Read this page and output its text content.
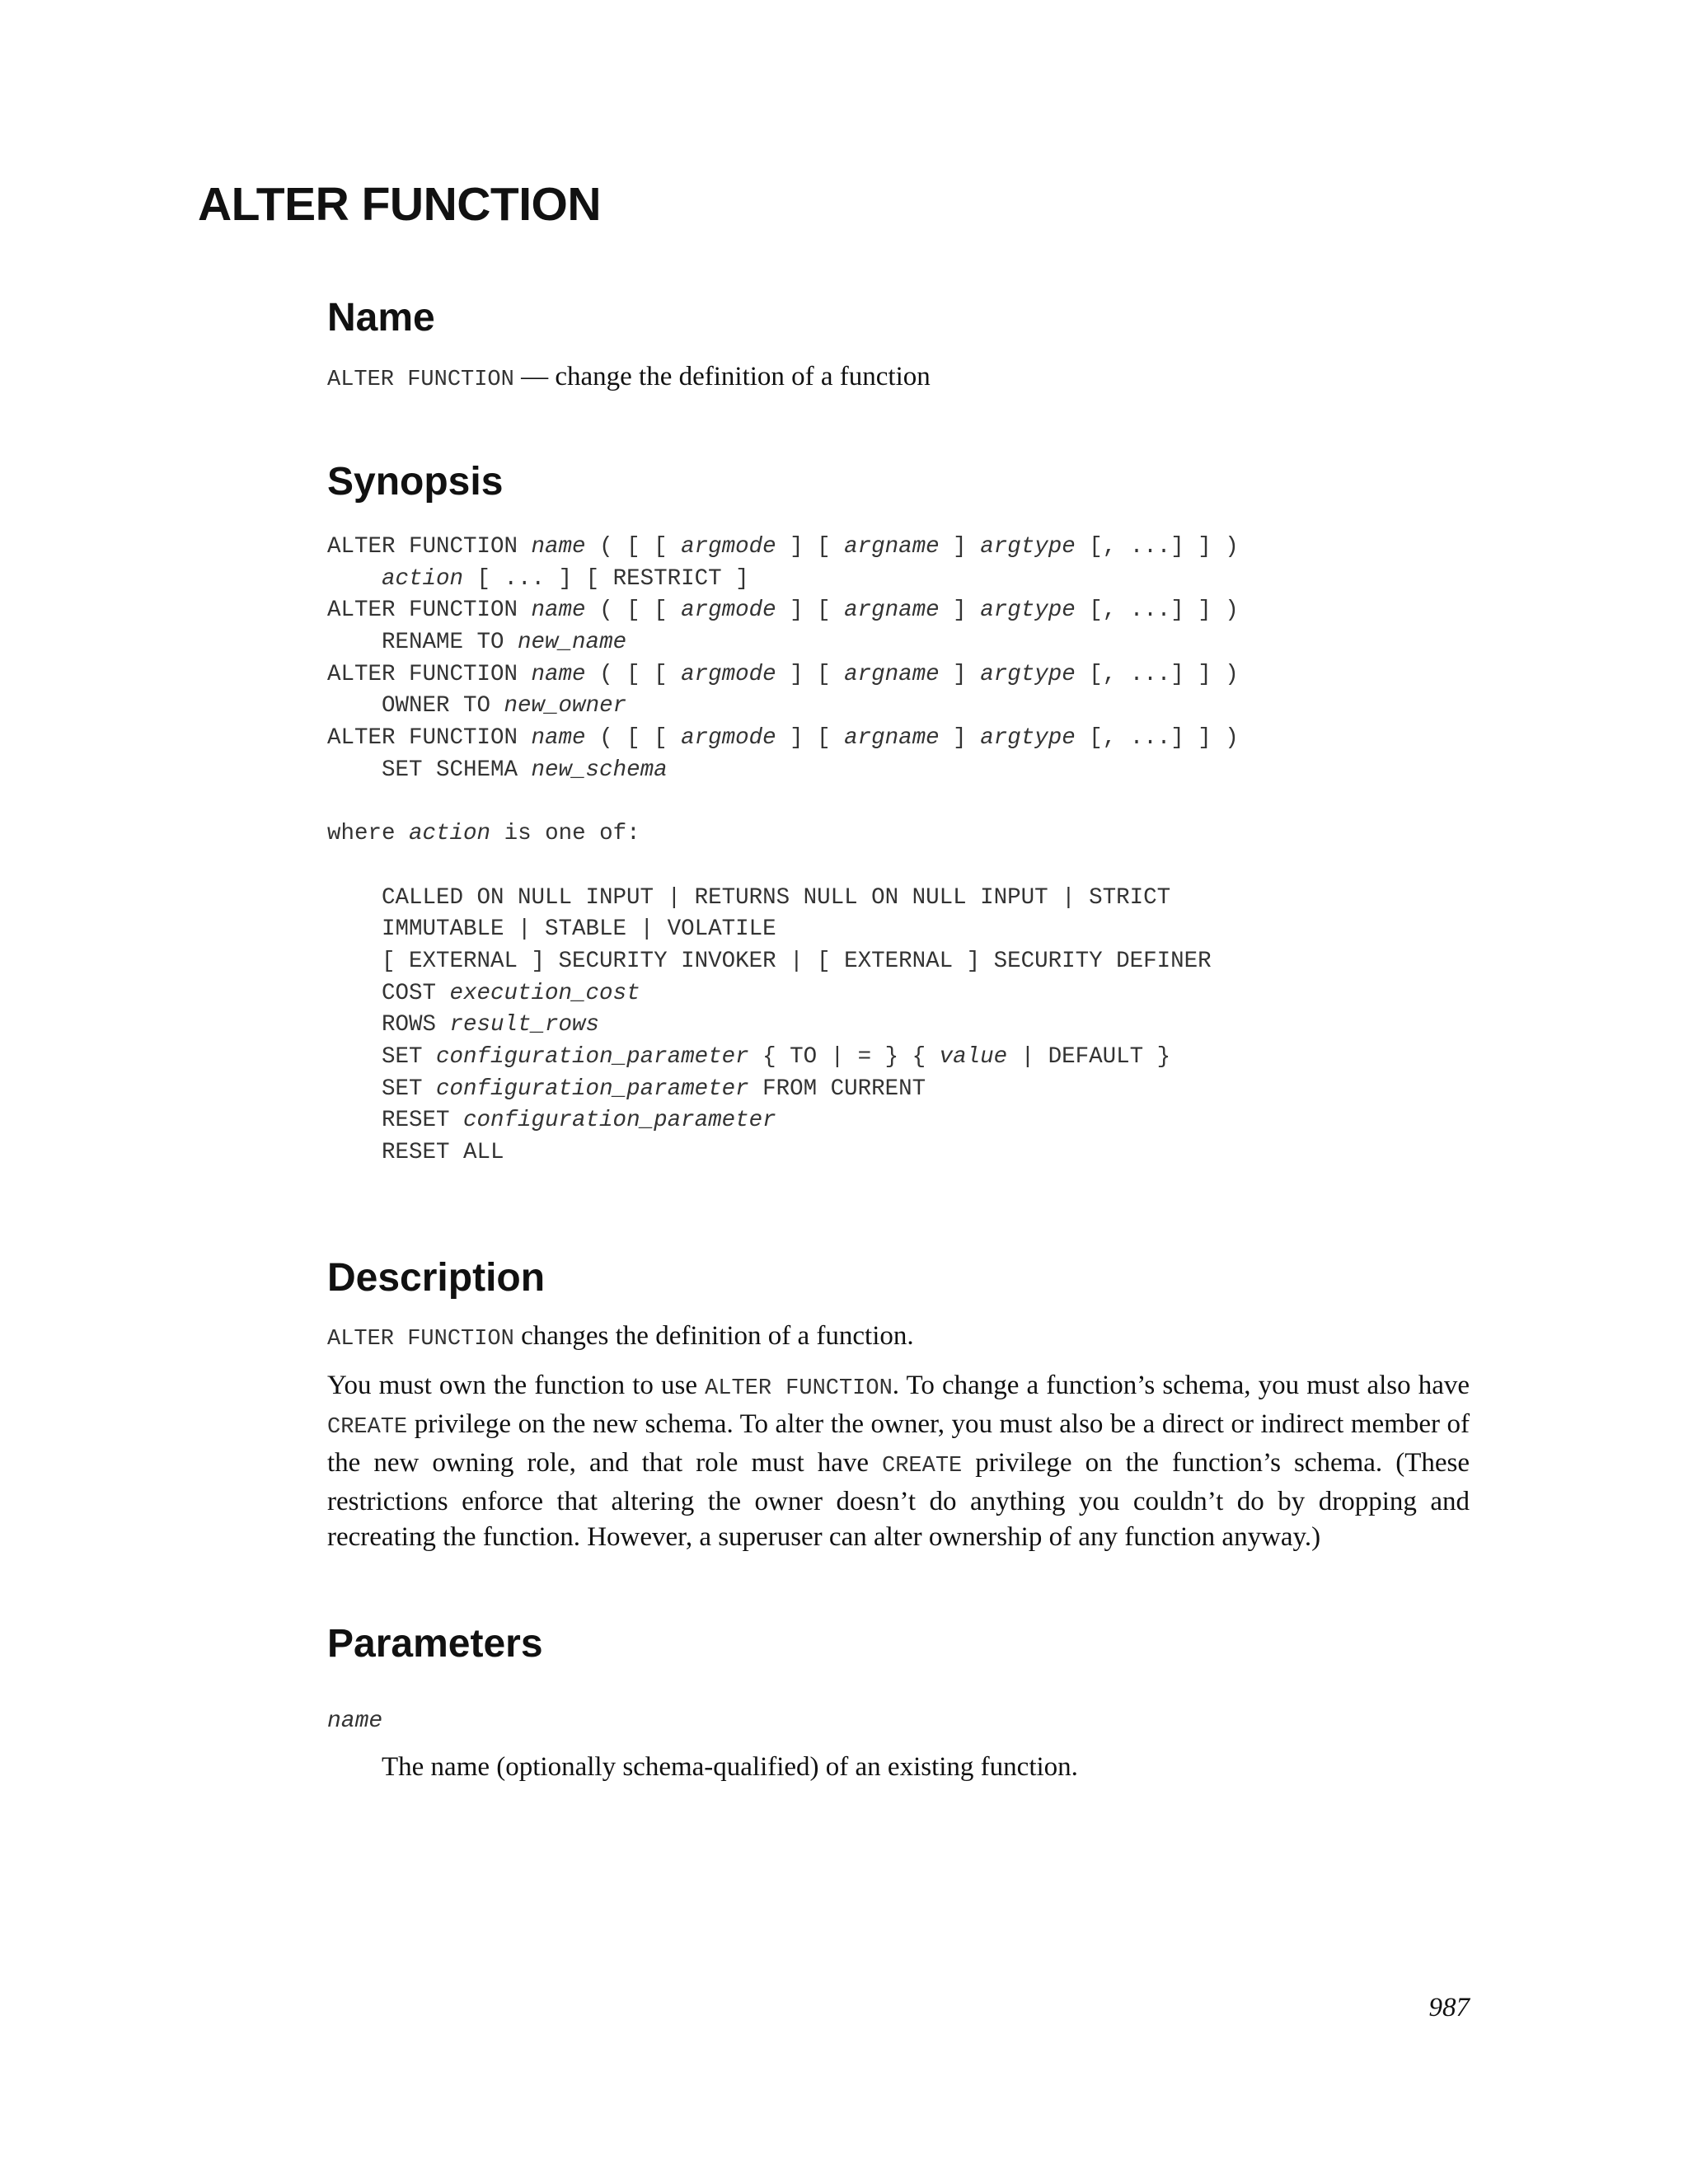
ALTER FUNCTION
Name

ALTER FUNCTION — change the definition of a function

Synopsis
ALTER FUNCTION name ( [ [ argmode ] [ argname ] argtype [, ...] ] )
action [ ... ] [ RESTRICT ]
ALTER FUNCTION name ( [ [ argmode ] [ argname ] argtype [, ...] ] )
RENAME TO new_name
ALTER FUNCTION name ( [ [ argmode ] [ argname ] argtype [, ...] ] )
OWNER TO new_owner
ALTER FUNCTION name ( [ [ argmode ] [ argname ] argtype [, ...] ] )
SET SCHEMA new_schema

where action is one of:

CALLED ON NULL INPUT | RETURNS NULL ON NULL INPUT | STRICT
IMMUTABLE | STABLE | VOLATILE
[ EXTERNAL ] SECURITY INVOKER | [ EXTERNAL ] SECURITY DEFINER
COST execution_cost
ROWS result_rows
SET configuration_parameter { TO | = } { value | DEFAULT }
SET configuration_parameter FROM CURRENT
RESET configuration_parameter
RESET ALL
Description

ALTER FUNCTION changes the definition of a function.

You must own the function to use ALTER FUNCTION. To change a function’s schema, you must also have CREATE privilege on the new schema. To alter the owner, you must also be a direct or indirect member of the new owning role, and that role must have CREATE privilege on the function’s schema. (These restrictions enforce that altering the owner doesn’t do anything you couldn’t do by dropping and recreating the function. However, a superuser can alter ownership of any function anyway.)

Parameters

name

The name (optionally schema-qualified) of an existing function.

987
